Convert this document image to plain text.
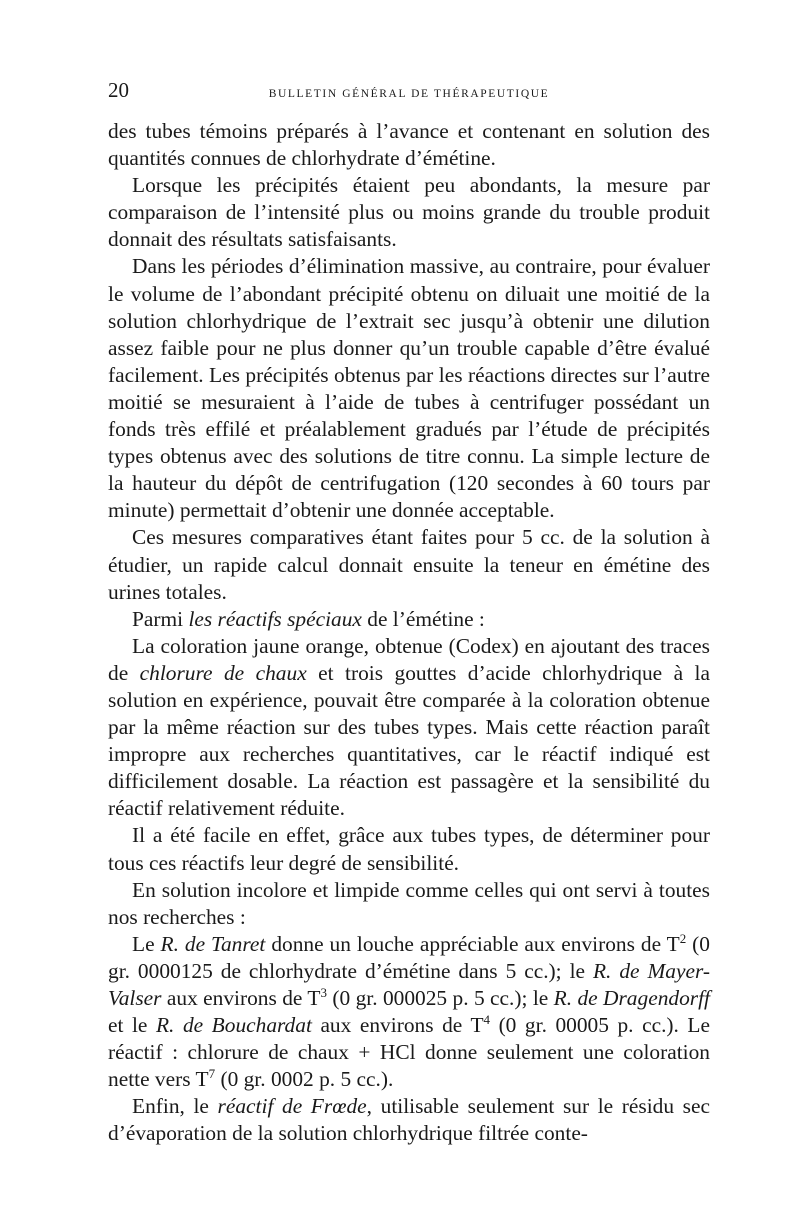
20	BULLETIN GÉNÉRAL DE THÉRAPEUTIQUE

des tubes témoins préparés à l’avance et contenant en solution des quantités connues de chlorhydrate d’émétine.

Lorsque les précipités étaient peu abondants, la mesure par comparaison de l’intensité plus ou moins grande du trouble produit donnait des résultats satisfaisants.

Dans les périodes d’élimination massive, au contraire, pour évaluer le volume de l’abondant précipité obtenu on diluait une moitié de la solution chlorhydrique de l’extrait sec jusqu’à obtenir une dilution assez faible pour ne plus donner qu’un trouble capable d’être évalué facilement. Les précipités obtenus par les réactions directes sur l’autre moitié se mesuraient à l’aide de tubes à centrifuger possédant un fonds très effilé et préalablement gradués par l’étude de précipités types obtenus avec des solutions de titre connu. La simple lecture de la hauteur du dépôt de centrifugation (120 secondes à 60 tours par minute) permettait d’obtenir une donnée acceptable.

Ces mesures comparatives étant faites pour 5 cc. de la solution à étudier, un rapide calcul donnait ensuite la teneur en émétine des urines totales.

Parmi les réactifs spéciaux de l’émétine :

La coloration jaune orange, obtenue (Codex) en ajoutant des traces de chlorure de chaux et trois gouttes d’acide chlorhydrique à la solution en expérience, pouvait être comparée à la coloration obtenue par la même réaction sur des tubes types. Mais cette réaction paraît impropre aux recherches quantitatives, car le réactif indiqué est difficilement dosable. La réaction est passagère et la sensibilité du réactif relativement réduite.

Il a été facile en effet, grâce aux tubes types, de déterminer pour tous ces réactifs leur degré de sensibilité.

En solution incolore et limpide comme celles qui ont servi à toutes nos recherches :

Le R. de Tanret donne un louche appréciable aux environs de $T^2$ (0 gr. 0000125 de chlorhydrate d’émétine dans 5 cc.); le R. de Mayer-Valser aux environs de $T^3$ (0 gr. 000025 p. 5 cc.); le R. de Dragendorff et le R. de Bouchardat aux environs de $T^4$ (0 gr. 00005 p. cc.). Le réactif : chlorure de chaux + HCl donne seulement une coloration nette vers $T^7$ (0 gr. 0002 p. 5 cc.).

Enfin, le réactif de Frœde, utilisable seulement sur le résidu sec d’évaporation de la solution chlorhydrique filtrée conte-
